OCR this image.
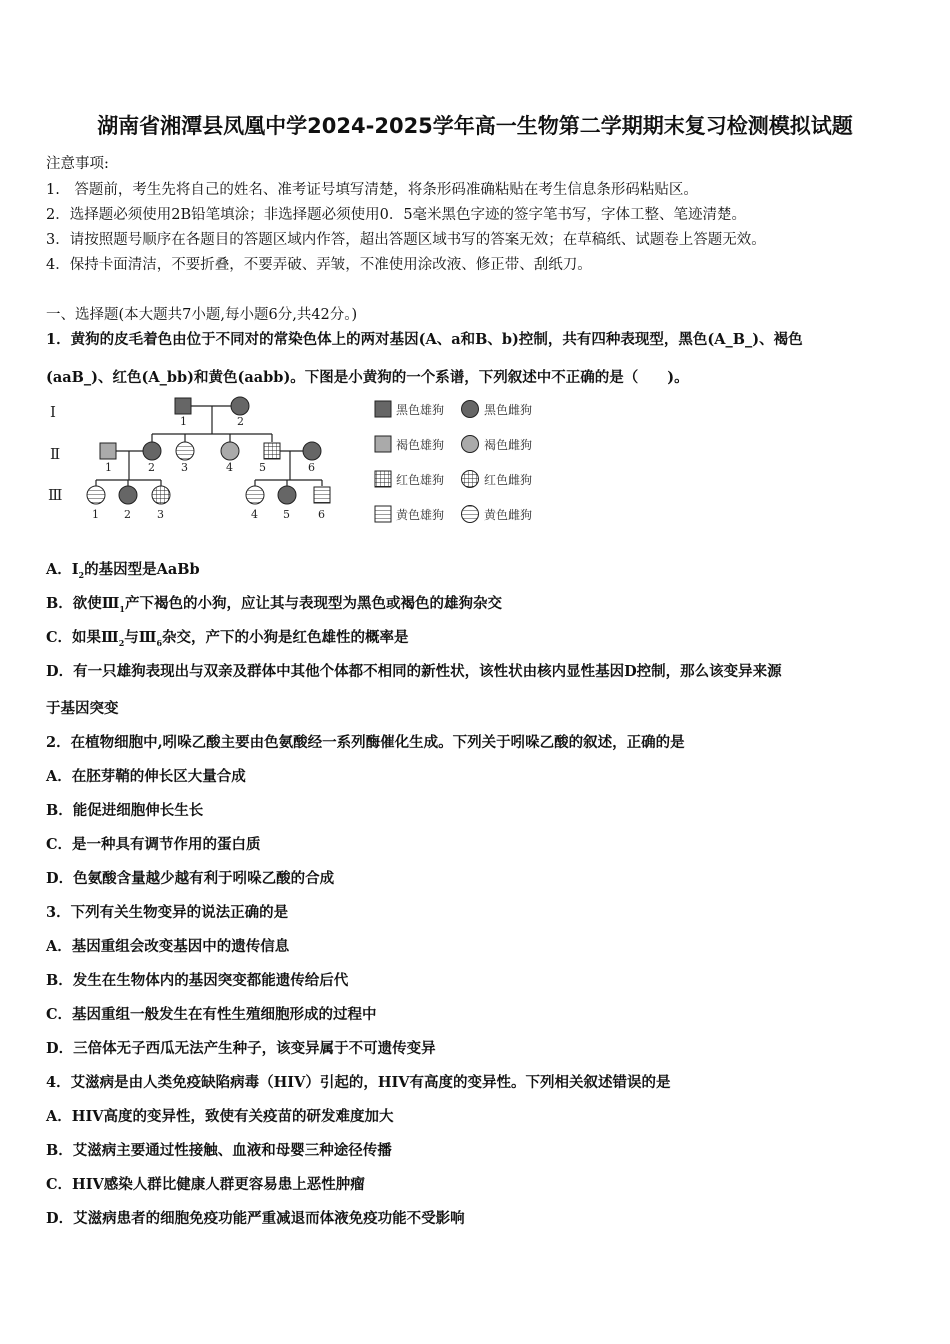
湖南省湘潭县凤凰中学2024-2025学年高一生物第二学期期末复习检测模拟试题
注意事项:
1.　答题前，考生先将自己的姓名、准考证号填写清楚，将条形码准确粘贴在考生信息条形码粘贴区。
2．选择题必须使用2B铅笔填涂；非选择题必须使用0．5毫米黑色字迹的签字笔书写，字体工整、笔迹清楚。
3．请按照题号顺序在各题目的答题区域内作答，超出答题区域书写的答案无效；在草稿纸、试题卷上答题无效。
4．保持卡面清洁，不要折叠，不要弄破、弄皱，不准使用涂改液、修正带、刮纸刀。
一、选择题(本大题共7小题,每小题6分,共42分。)
1．黄狗的皮毛着色由位于不同对的常染色体上的两对基因(A、a和B、b)控制，共有四种表现型，黑色(A_B_)、褐色
(aaB_)、红色(A_bb)和黄色(aabb)。下图是小黄狗的一个系谱，下列叙述中不正确的是（　　)。
Ⅰ
Ⅱ
Ⅲ
1	2
1	2 3	4 5	6
1 2 3	4 5	6
黑色雄狗	黑色雌狗
褐色雄狗	褐色雌狗
红色雄狗	红色雌狗
黄色雄狗	黄色雌狗
A．$Ⅰ_2$的基因型是AaBb
B．欲使$Ⅲ_1$产下褐色的小狗，应让其与表现型为黑色或褐色的雄狗杂交
C．如果$Ⅲ_2$与$Ⅲ_6$杂交，产下的小狗是红色雄性的概率是
D．有一只雄狗表现出与双亲及群体中其他个体都不相同的新性状，该性状由核内显性基因D控制，那么该变异来源
于基因突变
2．在植物细胞中,吲哚乙酸主要由色氨酸经一系列酶催化生成。下列关于吲哚乙酸的叙述，正确的是
A．在胚芽鞘的伸长区大量合成
B．能促进细胞伸长生长
C．是一种具有调节作用的蛋白质
D．色氨酸含量越少越有利于吲哚乙酸的合成
3．下列有关生物变异的说法正确的是
A．基因重组会改变基因中的遗传信息
B．发生在生物体内的基因突变都能遗传给后代
C．基因重组一般发生在有性生殖细胞形成的过程中
D．三倍体无子西瓜无法产生种子，该变异属于不可遗传变异
4．艾滋病是由人类免疫缺陷病毒（HIV）引起的，HIV有高度的变异性。下列相关叙述错误的是
A．HIV高度的变异性，致使有关疫苗的研发难度加大
B．艾滋病主要通过性接触、血液和母婴三种途径传播
C．HIV感染人群比健康人群更容易患上恶性肿瘤
D．艾滋病患者的细胞免疫功能严重减退而体液免疫功能不受影响
